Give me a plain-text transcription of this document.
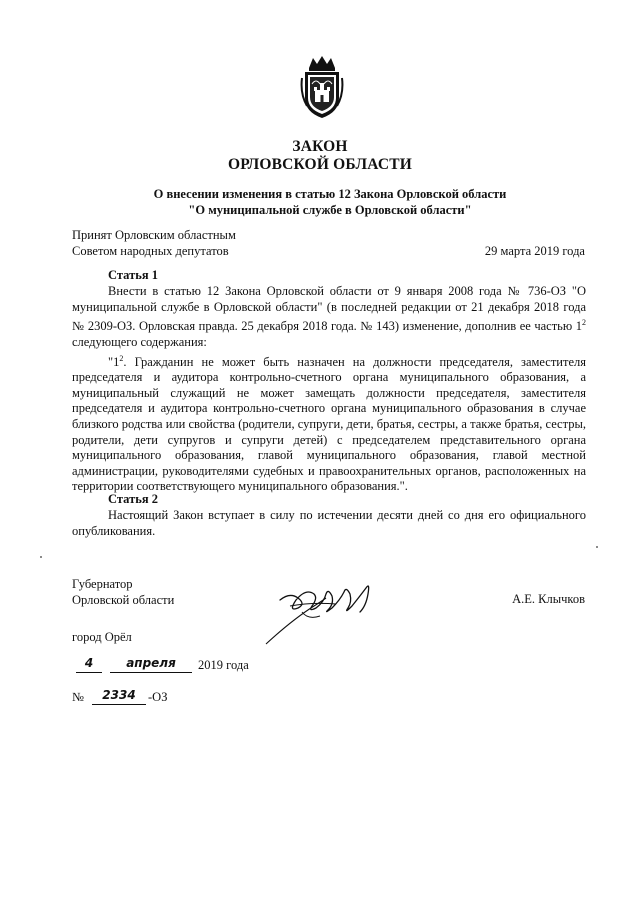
ЗАКОН
ОРЛОВСКОЙ ОБЛАСТИ
О внесении изменения в статью 12 Закона Орловской области
"О муниципальной службе в Орловской области"
Принят Орловским областным
Советом народных депутатов	29 марта 2019 года
Статья 1

Внести в статью 12 Закона Орловской области от 9 января 2008 года № 736-ОЗ "О муниципальной службе в Орловской области" (в последней редакции от 21 декабря 2018 года № 2309-ОЗ. Орловская правда. 25 декабря 2018 года. № 143) изменение, дополнив ее частью $1^2$ следующего содержания:

"$1^2$. Гражданин не может быть назначен на должности председателя, заместителя председателя и аудитора контрольно-счетного органа муниципального образования, а муниципальный служащий не может замещать должности председателя, заместителя председателя и аудитора контрольно-счетного органа муниципального образования в случае близкого родства или свойства (родители, супруги, дети, братья, сестры, а также братья, сестры, родители, дети супругов и супруги детей) с председателем представительного органа муниципального образования, главой муниципального образования, главой местной администрации, руководителями судебных и правоохранительных органов, расположенных на территории соответствующего муниципального образования.".

Статья 2

Настоящий Закон вступает в силу по истечении десяти дней со дня его официального опубликования.

Губернатор
Орловской области	А.Е. Клычков
город Орёл
4	апреля	2019 года
№	2334 -ОЗ
